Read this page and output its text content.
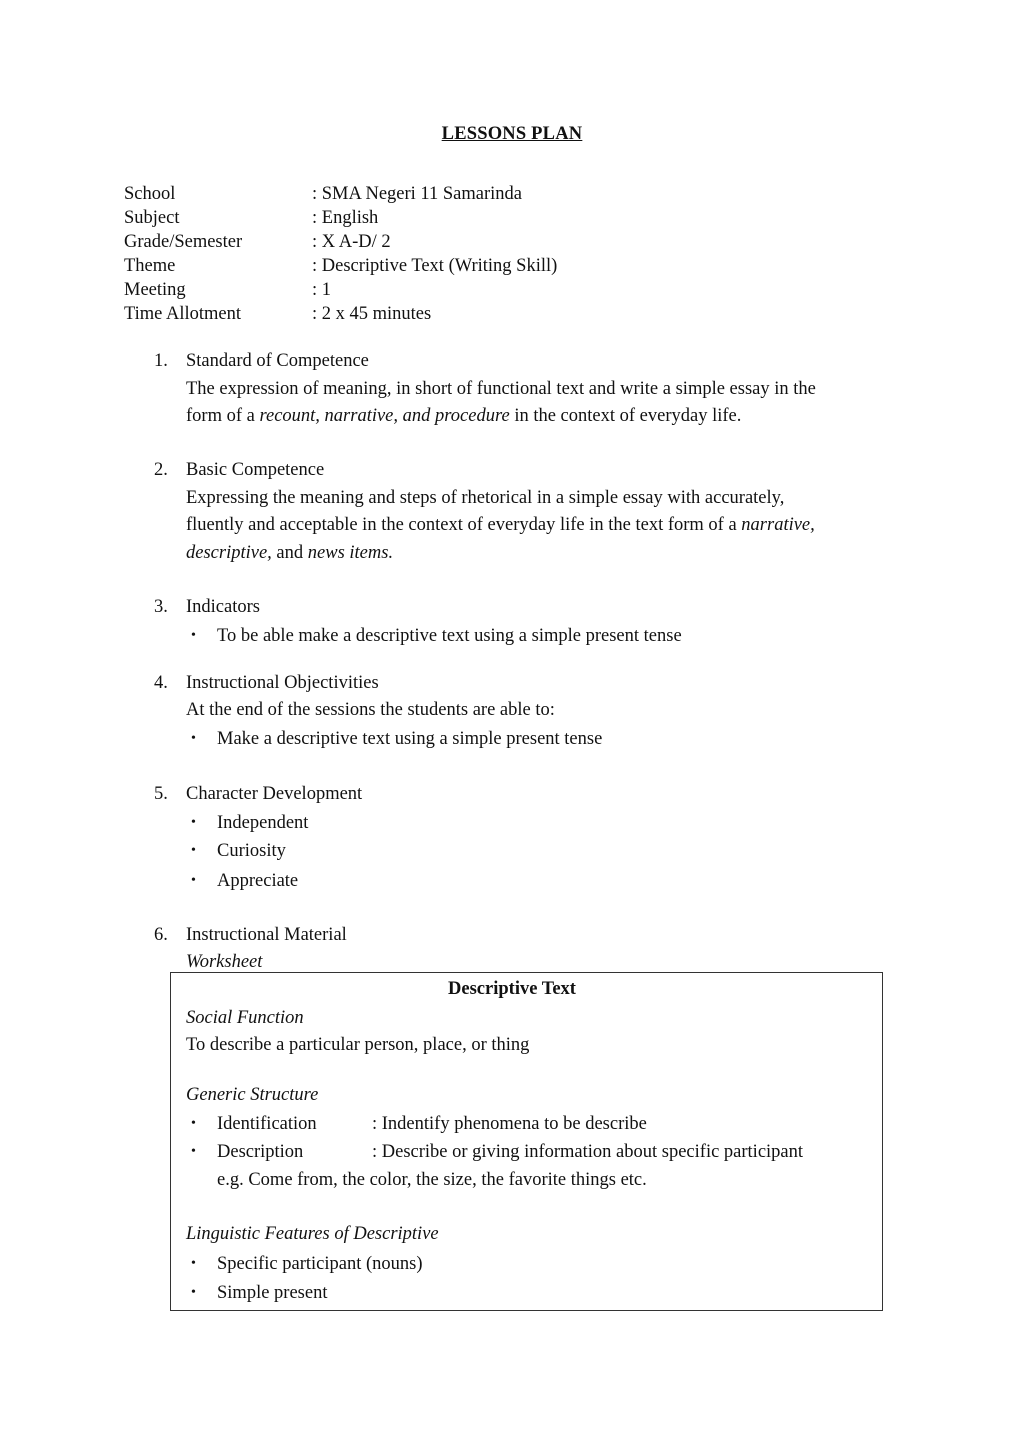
LESSONS PLAN
School	: SMA Negeri 11 Samarinda
Subject	: English
Grade/Semester	: X A-D/ 2
Theme	: Descriptive Text (Writing Skill)
Meeting	: 1
Time Allotment	: 2 x 45 minutes
1. Standard of Competence
The expression of meaning, in short of functional text and write a simple essay in the
form of a recount, narrative, and procedure in the context of everyday life.
2. Basic Competence
Expressing the meaning and steps of rhetorical in a simple essay with accurately,
fluently and acceptable in the context of everyday life in the text form of a narrative,
descriptive, and news items.
3. Indicators
• To be able make a descriptive text using a simple present tense
4. Instructional Objectivities
At the end of the sessions the students are able to:
• Make a descriptive text using a simple present tense
5. Character Development
• Independent
• Curiosity
• Appreciate
6. Instructional Material
Worksheet
Descriptive Text
Social Function
To describe a particular person, place, or thing
Generic Structure
• Identification	: Indentify phenomena to be describe
• Description	: Describe or giving information about specific participant
e.g. Come from, the color, the size, the favorite things etc.
Linguistic Features of Descriptive
• Specific participant (nouns)
• Simple present
